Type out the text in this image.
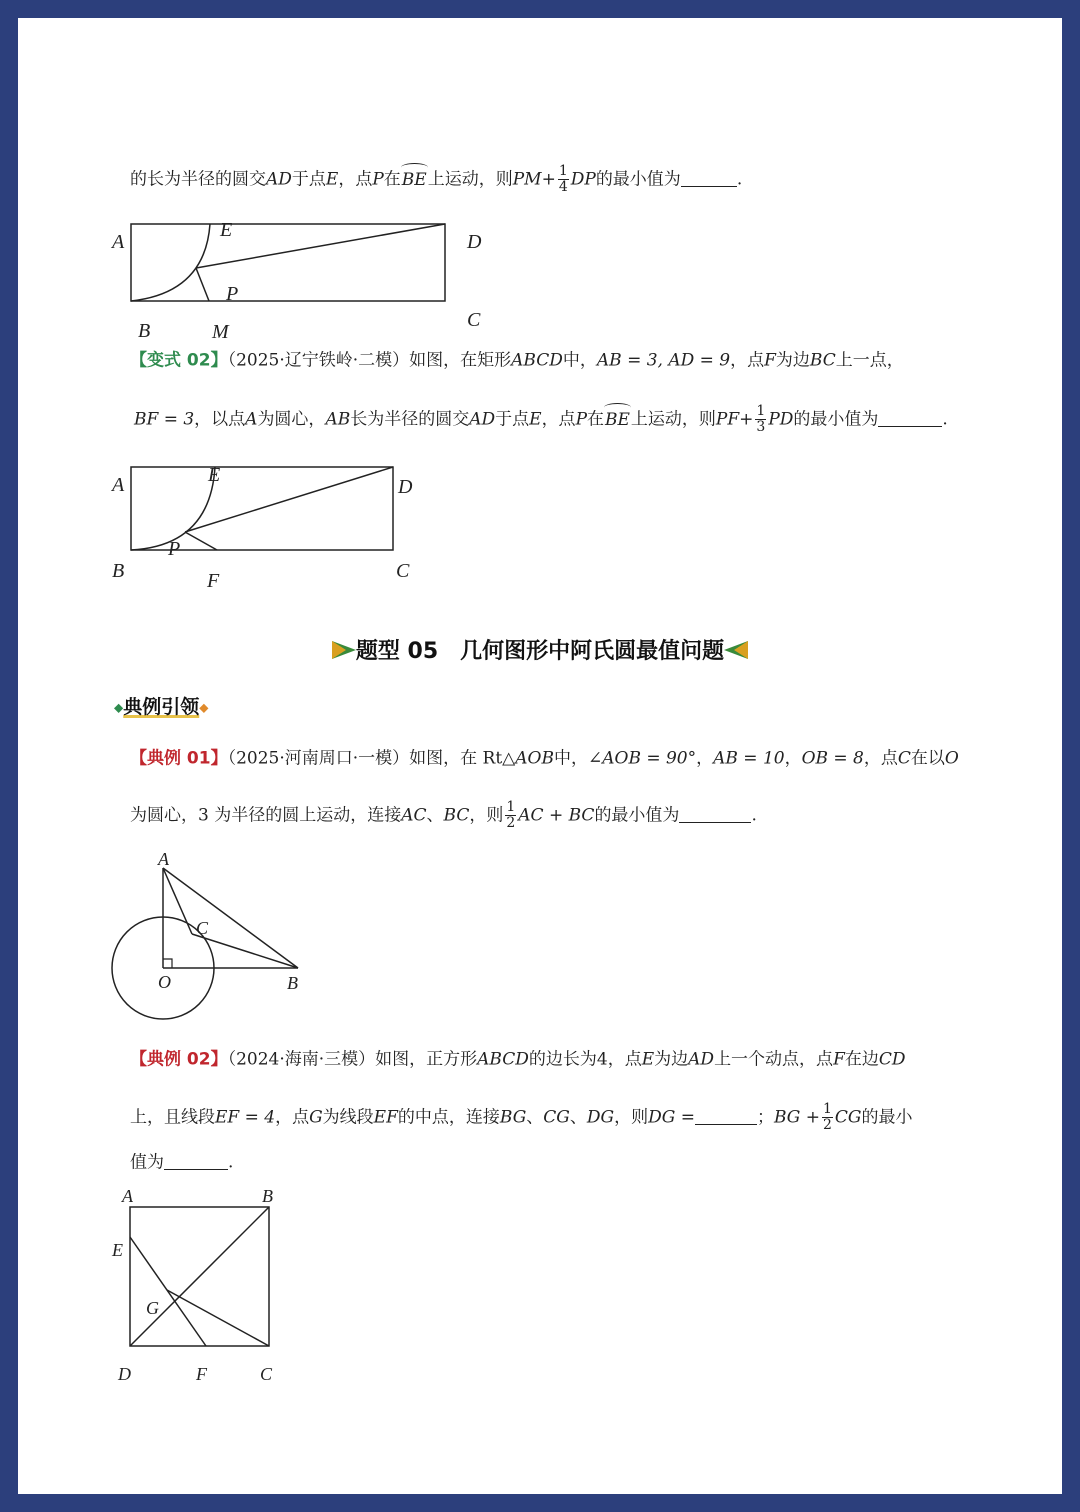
的长为半径的圆交AD于点E，点P在BE上运动，则$PM+ \frac{1}{4}$ DP的最小值为	.
A
E
D
P
B	M
C
【变式 02】（2025·辽宁铁岭·二模）如图，在矩形ABCD中，AB = 3, AD = 9，点F为边BC上一点，
BF = 3，以点A为圆心，AB长为半径的圆交AD于点E，点P在BE上运动，则$PF+ \frac{1}{3}$ PD的最小值为	.
A	E
D
P
B	F	C
题型 05　几何图形中阿氏圆最值问题
◆典例引领◆
【典例 01】（2025·河南周口·一模）如图，在 Rt△AOB中，∠AOB = 90°，AB = 10，OB = 8，点C在以O
为圆心，3 为半径的圆上运动，连接AC、BC，则 $\frac{1}{2}$ AC + BC的最小值为	.
A
C
O	B
【典例 02】（2024·海南·三模）如图，正方形ABCD的边长为4，点E为边AD上一个动点，点F在边CD
上，且线段EF = 4，点G为线段EF的中点，连接BG、CG、DG，则DG =	；BG + $\frac{1}{2}$ CG的最小
值为	.
A	B
E
G
D	F	C
